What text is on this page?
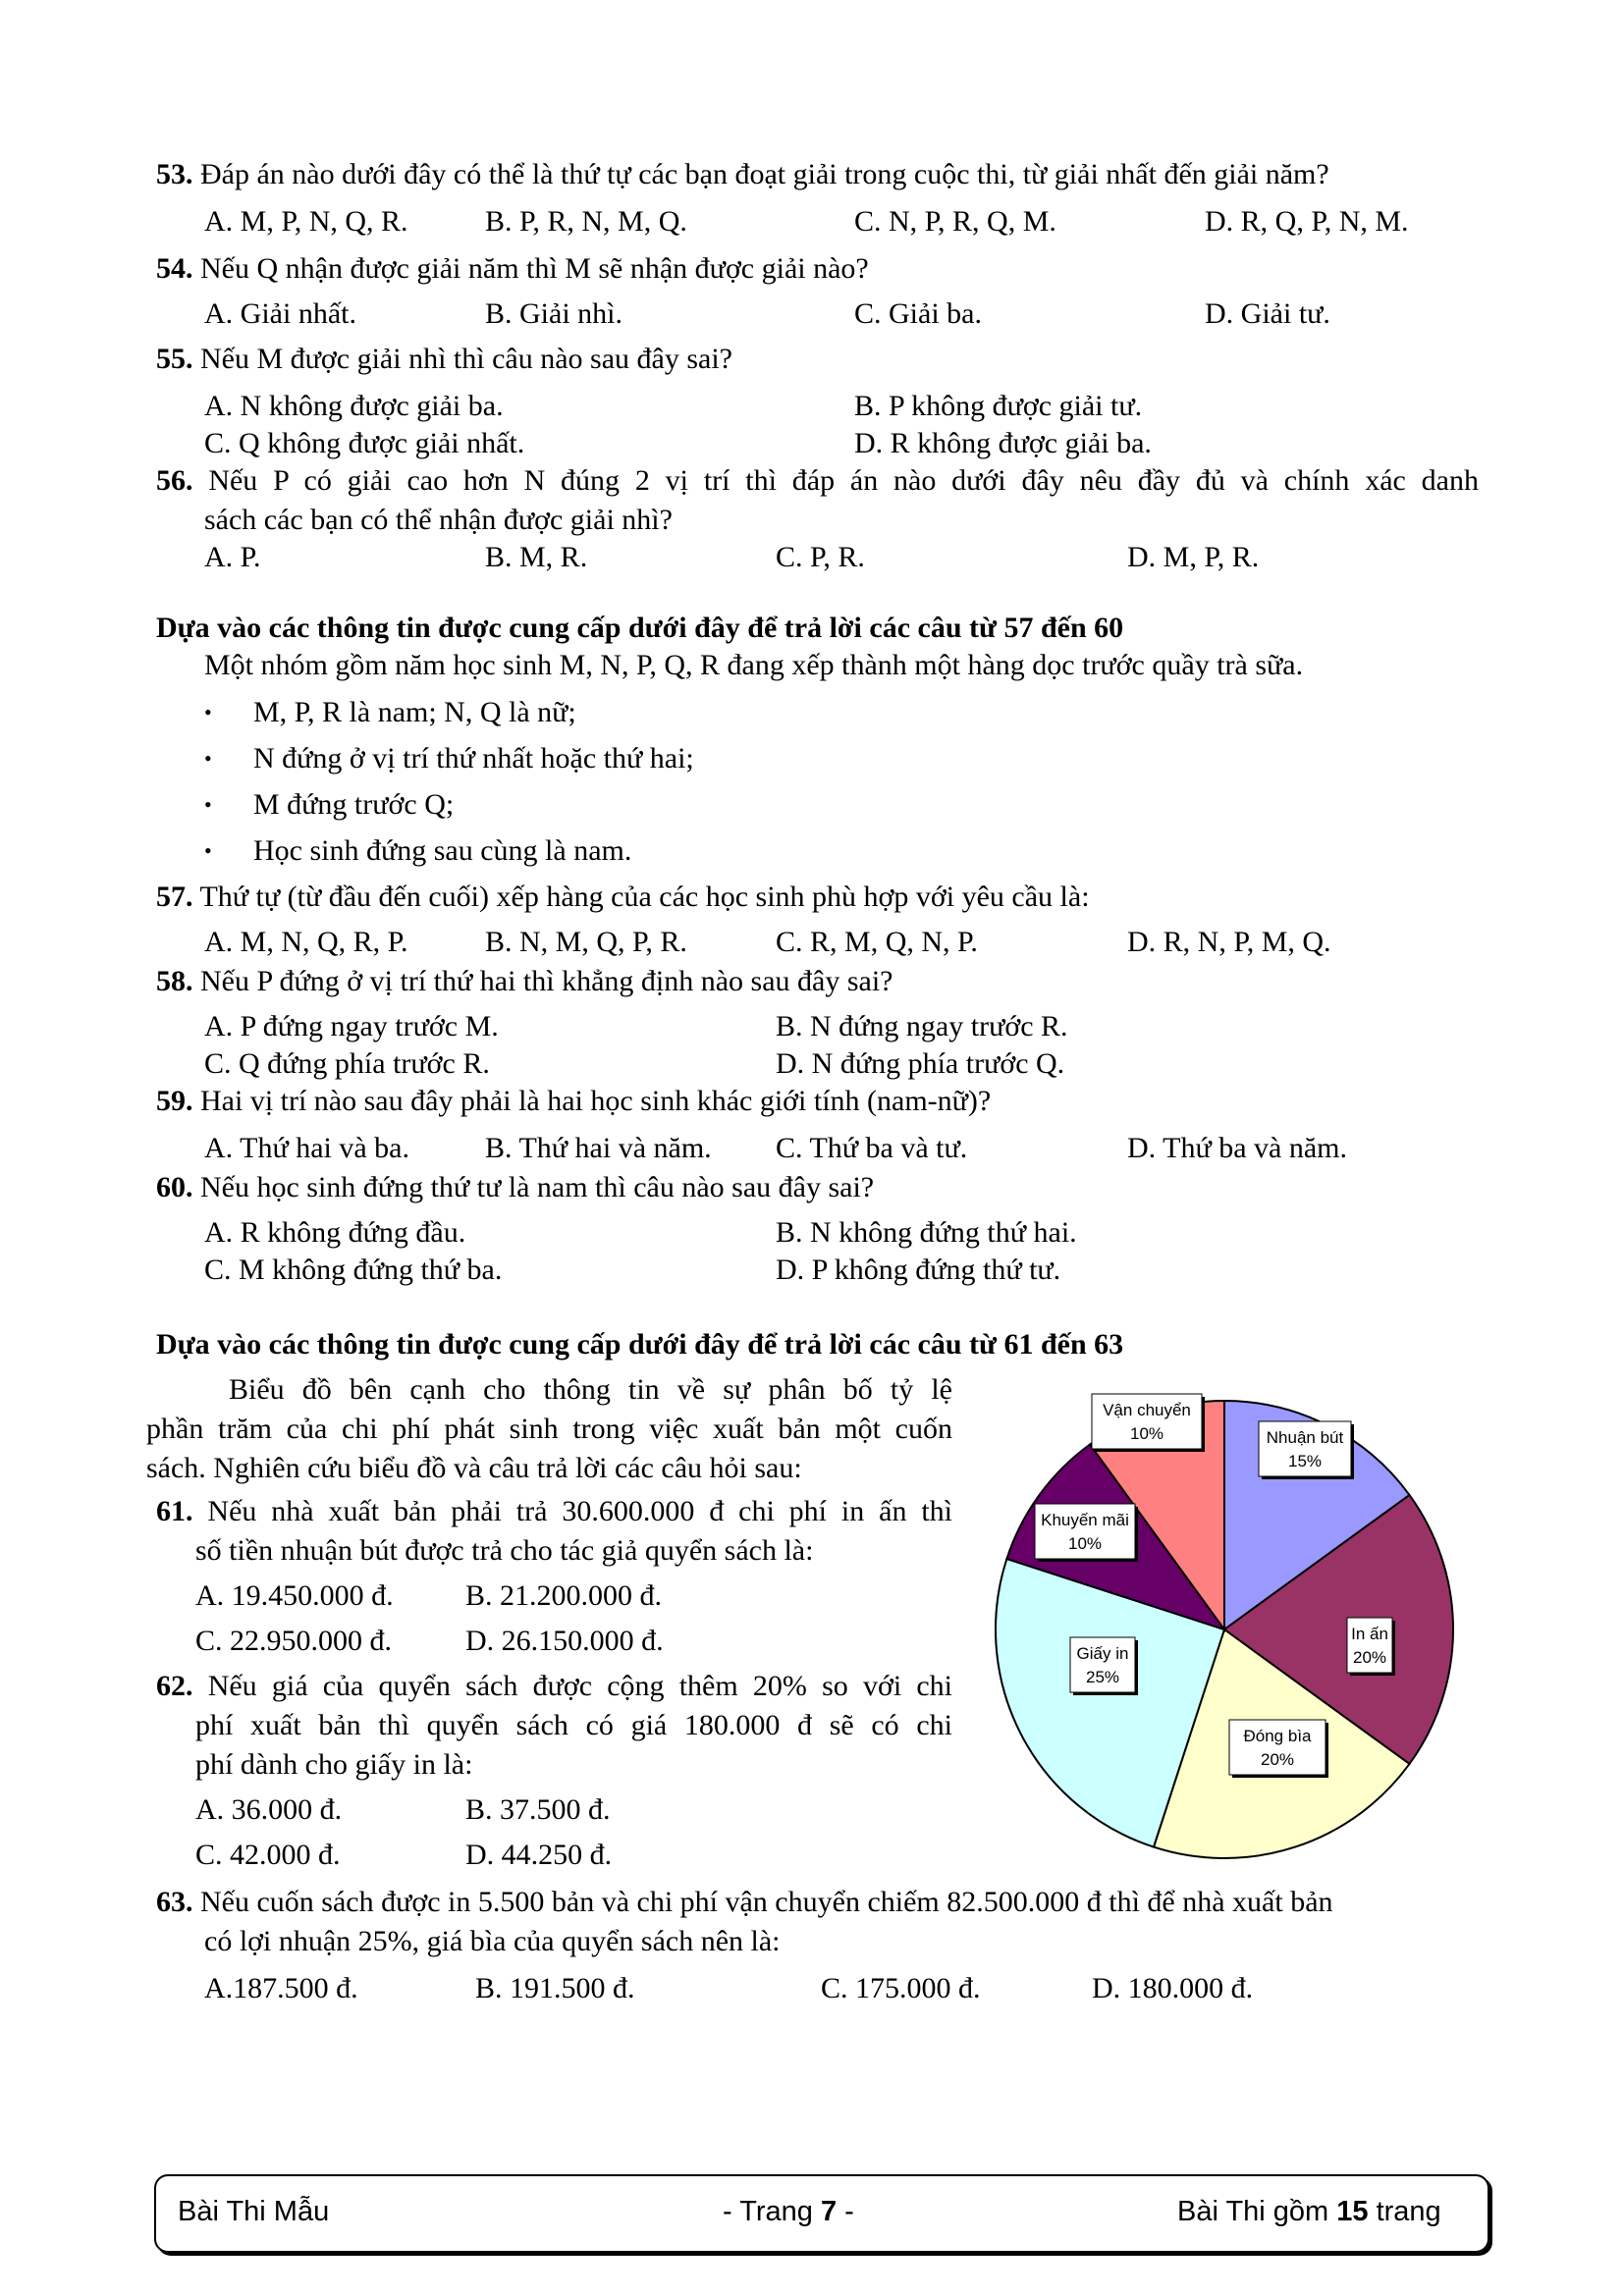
53. Đáp án nào dưới đây có thể là thứ tự các bạn đoạt giải trong cuộc thi, từ giải nhất đến giải năm?
A. M, P, N, Q, R.	B. P, R, N, M, Q.	C. N, P, R, Q, M.	D. R, Q, P, N, M.
54. Nếu Q nhận được giải năm thì M sẽ nhận được giải nào?
A. Giải nhất.	B. Giải nhì.	C. Giải ba.	D. Giải tư.
55. Nếu M được giải nhì thì câu nào sau đây sai?
A. N không được giải ba.	B. P không được giải tư.
C. Q không được giải nhất.	D. R không được giải ba.
56. Nếu P có giải cao hơn N đúng 2 vị trí thì đáp án nào dưới đây nêu đầy đủ và chính xác danh
sách các bạn có thể nhận được giải nhì?
A. P.	B. M, R.	C. P, R.	D. M, P, R.
Dựa vào các thông tin được cung cấp dưới đây để trả lời các câu từ 57 đến 60
Một nhóm gồm năm học sinh M, N, P, Q, R đang xếp thành một hàng dọc trước quầy trà sữa.
• M, P, R là nam; N, Q là nữ;
• N đứng ở vị trí thứ nhất hoặc thứ hai;
• M đứng trước Q;
• Học sinh đứng sau cùng là nam.
57. Thứ tự (từ đầu đến cuối) xếp hàng của các học sinh phù hợp với yêu cầu là:
A. M, N, Q, R, P.	B. N, M, Q, P, R.	C. R, M, Q, N, P.	D. R, N, P, M, Q.
58. Nếu P đứng ở vị trí thứ hai thì khẳng định nào sau đây sai?
A. P đứng ngay trước M.	B. N đứng ngay trước R.
C. Q đứng phía trước R.	D. N đứng phía trước Q.
59. Hai vị trí nào sau đây phải là hai học sinh khác giới tính (nam-nữ)?
A. Thứ hai và ba.	B. Thứ hai và năm. C. Thứ ba và tư.	D. Thứ ba và năm.
60. Nếu học sinh đứng thứ tư là nam thì câu nào sau đây sai?
A. R không đứng đầu.	B. N không đứng thứ hai.
C. M không đứng thứ ba.	D. P không đứng thứ tư.
Dựa vào các thông tin được cung cấp dưới đây để trả lời các câu từ 61 đến 63
Biểu đồ bên cạnh cho thông tin về sự phân bố tỷ lệ
phần trăm của chi phí phát sinh trong việc xuất bản một cuốn
sách. Nghiên cứu biểu đồ và câu trả lời các câu hỏi sau:
61. Nếu nhà xuất bản phải trả 30.600.000 đ chi phí in ấn thì
số tiền nhuận bút được trả cho tác giả quyển sách là:
A. 19.450.000 đ. B. 21.200.000 đ.
C. 22.950.000 đ. D. 26.150.000 đ.
62. Nếu giá của quyển sách được cộng thêm 20% so với chi
phí xuất bản thì quyển sách có giá 180.000 đ sẽ có chi
phí dành cho giấy in là:
A. 36.000 đ.	B. 37.500 đ.
C. 42.000 đ.	D. 44.250 đ.
63. Nếu cuốn sách được in 5.500 bản và chi phí vận chuyển chiếm 82.500.000 đ thì để nhà xuất bản
có lợi nhuận 25%, giá bìa của quyển sách nên là:
A.187.500 đ.	B. 191.500 đ.	C. 175.000 đ.	D. 180.000 đ.
Nhuận bút
15%
In ấn
20%
Đóng bìa
20%
Giấy in
25%
Khuyến mãi
10%
Vận chuyển
10%
Bài Thi Mẫu	- Trang 7 -	Bài Thi gồm 15 trang
